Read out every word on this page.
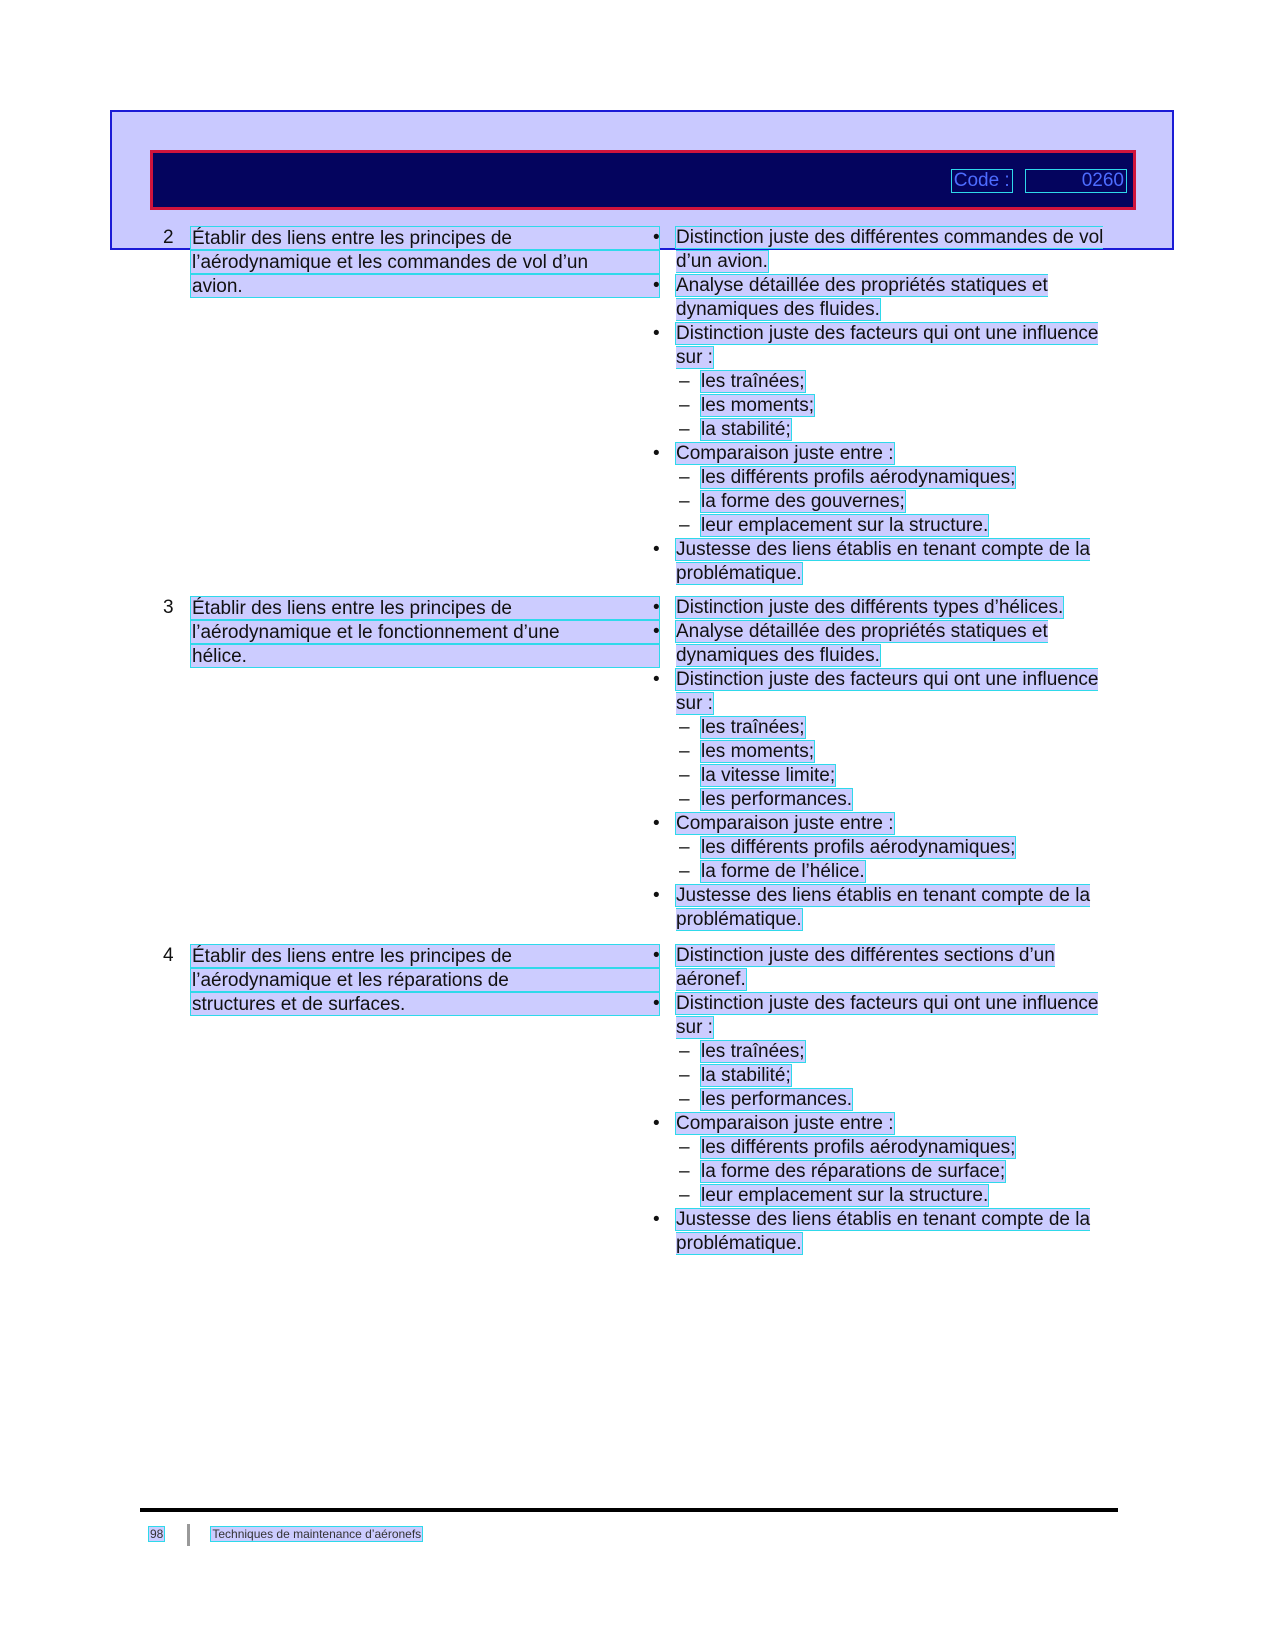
Code :	0260
2 Établir des liens entre les principes de
l’aérodynamique et les commandes de vol d’un
avion.
• Distinction juste des différentes commandes de vol d’un avion.
• Analyse détaillée des propriétés statiques et dynamiques des fluides.
• Distinction juste des facteurs qui ont une influence sur :
– les traînées;
– les moments;
– la stabilité;
• Comparaison juste entre :
– les différents profils aérodynamiques;
– la forme des gouvernes;
– leur emplacement sur la structure.
• Justesse des liens établis en tenant compte de la problématique.
3 Établir des liens entre les principes de
l’aérodynamique et le fonctionnement d’une
hélice.
• Distinction juste des différents types d’hélices.
• Analyse détaillée des propriétés statiques et dynamiques des fluides.
• Distinction juste des facteurs qui ont une influence sur :
– les traînées;
– les moments;
– la vitesse limite;
– les performances.
• Comparaison juste entre :
– les différents profils aérodynamiques;
– la forme de l’hélice.
• Justesse des liens établis en tenant compte de la problématique.
4 Établir des liens entre les principes de
l’aérodynamique et les réparations de
structures et de surfaces.
• Distinction juste des différentes sections d’un aéronef.
• Distinction juste des facteurs qui ont une influence sur :
– les traînées;
– la stabilité;
– les performances.
• Comparaison juste entre :
– les différents profils aérodynamiques;
– la forme des réparations de surface;
– leur emplacement sur la structure.
• Justesse des liens établis en tenant compte de la problématique.
98	Techniques de maintenance d’aéronefs
